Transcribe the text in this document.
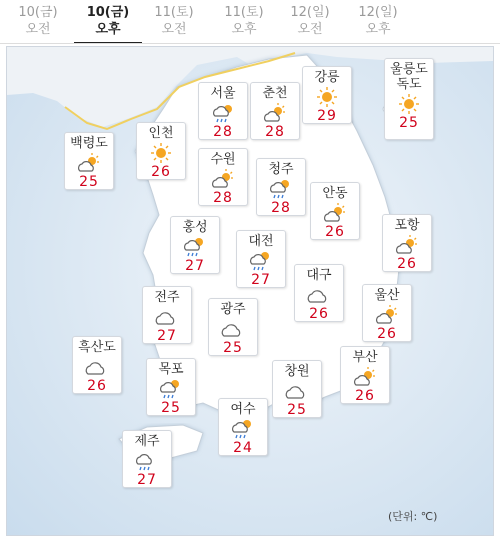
10(금)
오전
10(금)
오후
11(토)
오전
11(토)
오후
12(일)
오전
12(일)
오후
서울
28
춘천
28
강릉
29
울릉도
독도
25
백령도
25
인천
26
수원
28
청주
28
안동
26	포항
26
홍성
27
대전
27	대구
26
울산
26
전주
27
광주
25
흑산도
26
목포
25
창원
25
부산
26
여수
24
제주
27
(단위: ℃)
